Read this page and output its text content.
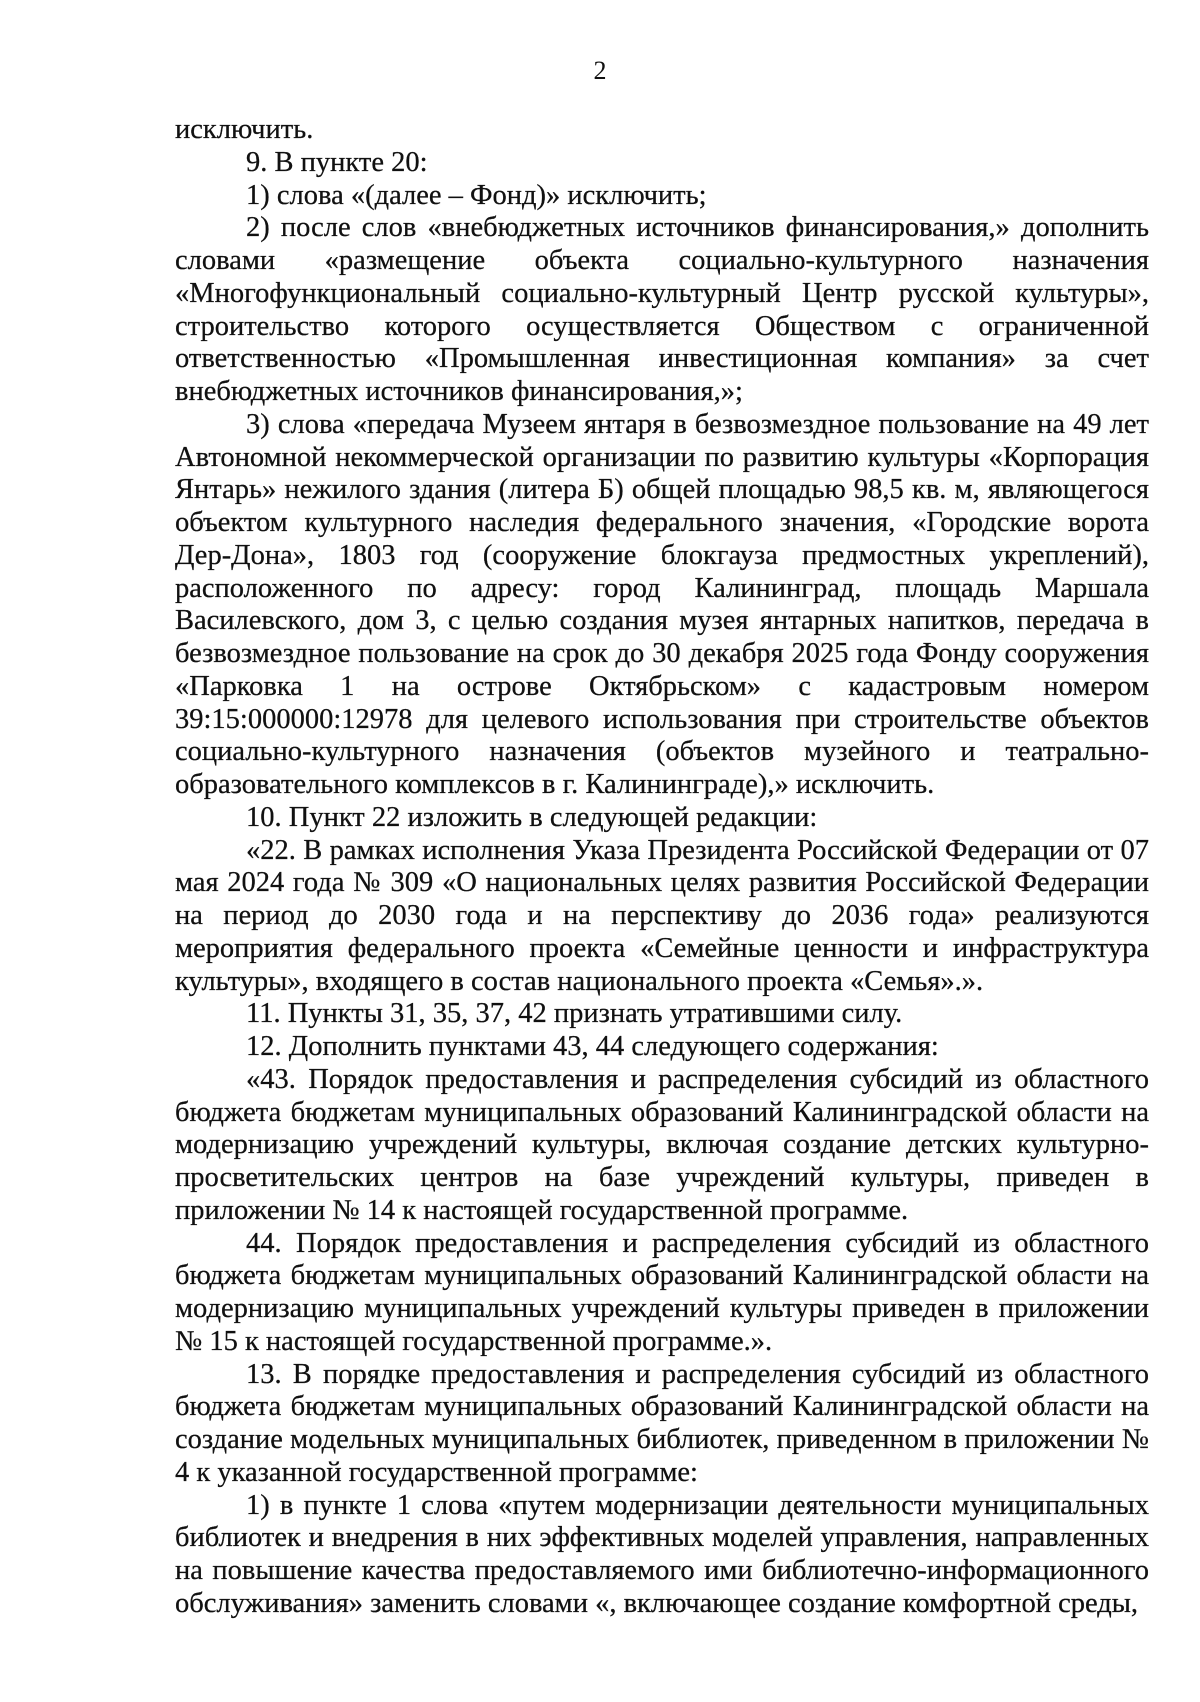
2

исключить.

9. В пункте 20:

1) слова «(далее – Фонд)» исключить;

2) после слов «внебюджетных источников финансирования,» дополнить словами «размещение объекта социально-культурного назначения «Многофункциональный социально-культурный Центр русской культуры», строительство которого осуществляется Обществом с ограниченной ответственностью «Промышленная инвестиционная компания» за счет внебюджетных источников финансирования,»;

3) слова «передача Музеем янтаря в безвозмездное пользование на 49 лет Автономной некоммерческой организации по развитию культуры «Корпорация Янтарь» нежилого здания (литера Б) общей площадью 98,5 кв. м, являющегося объектом культурного наследия федерального значения, «Городские ворота Дер-Дона», 1803 год (сооружение блокгауза предмостных укреплений), расположенного по адресу: город Калининград, площадь Маршала Василевского, дом 3, с целью создания музея янтарных напитков, передача в безвозмездное пользование на срок до 30 декабря 2025 года Фонду сооружения «Парковка 1 на острове Октябрьском» с кадастровым номером 39:15:000000:12978 для целевого использования при строительстве объектов социально-культурного назначения (объектов музейного и театрально-образовательного комплексов в г. Калининграде),» исключить.

10. Пункт 22 изложить в следующей редакции:

«22. В рамках исполнения Указа Президента Российской Федерации от 07 мая 2024 года № 309 «О национальных целях развития Российской Федерации на период до 2030 года и на перспективу до 2036 года» реализуются мероприятия федерального проекта «Семейные ценности и инфраструктура культуры», входящего в состав национального проекта «Семья».».

11. Пункты 31, 35, 37, 42 признать утратившими силу.

12. Дополнить пунктами 43, 44 следующего содержания:

«43. Порядок предоставления и распределения субсидий из областного бюджета бюджетам муниципальных образований Калининградской области на модернизацию учреждений культуры, включая создание детских культурно-просветительских центров на базе учреждений культуры, приведен в приложении № 14 к настоящей государственной программе.

44. Порядок предоставления и распределения субсидий из областного бюджета бюджетам муниципальных образований Калининградской области на модернизацию муниципальных учреждений культуры приведен в приложении № 15 к настоящей государственной программе.».

13. В порядке предоставления и распределения субсидий из областного бюджета бюджетам муниципальных образований Калининградской области на создание модельных муниципальных библиотек, приведенном в приложении № 4 к указанной государственной программе:

1) в пункте 1 слова «путем модернизации деятельности муниципальных библиотек и внедрения в них эффективных моделей управления, направленных на повышение качества предоставляемого ими библиотечно-информационного обслуживания» заменить словами «, включающее создание комфортной среды,
